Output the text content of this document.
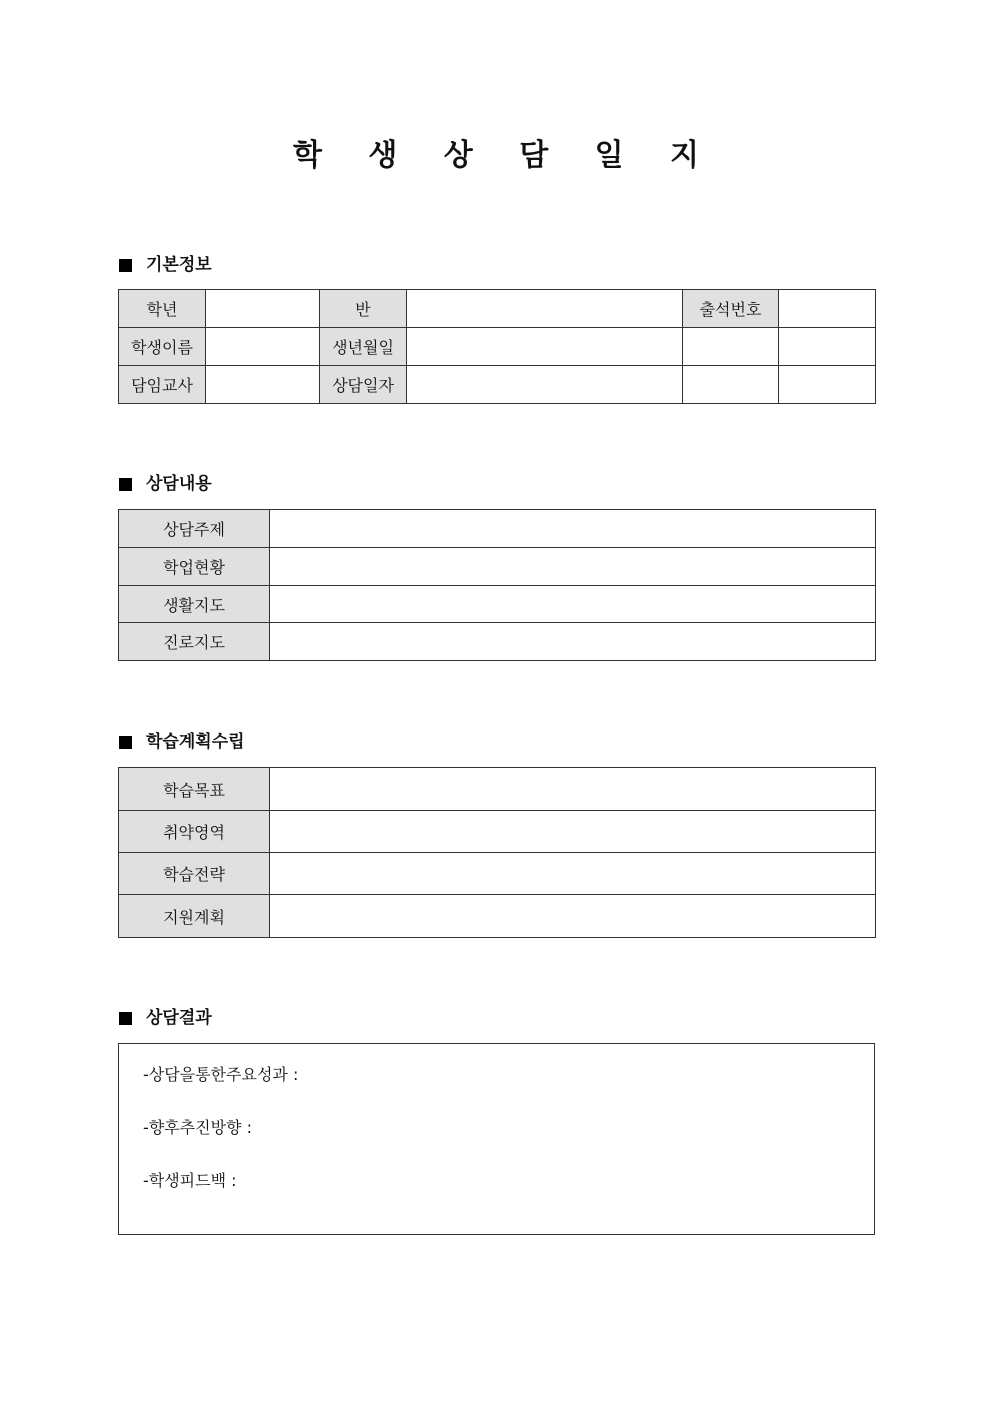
학 생 상 담 일 지
기본정보
학년		반		출석번호	
학생이름		생년월일			
담임교사		상담일자			
상담내용
상담주제	
학업현황	
생활지도	
진로지도	
학습계획수립
학습목표	
취약영역	
학습전략	
지원계획	
상담결과
-상담을통한주요성과 :
-향후추진방향 :
-학생피드백 :
